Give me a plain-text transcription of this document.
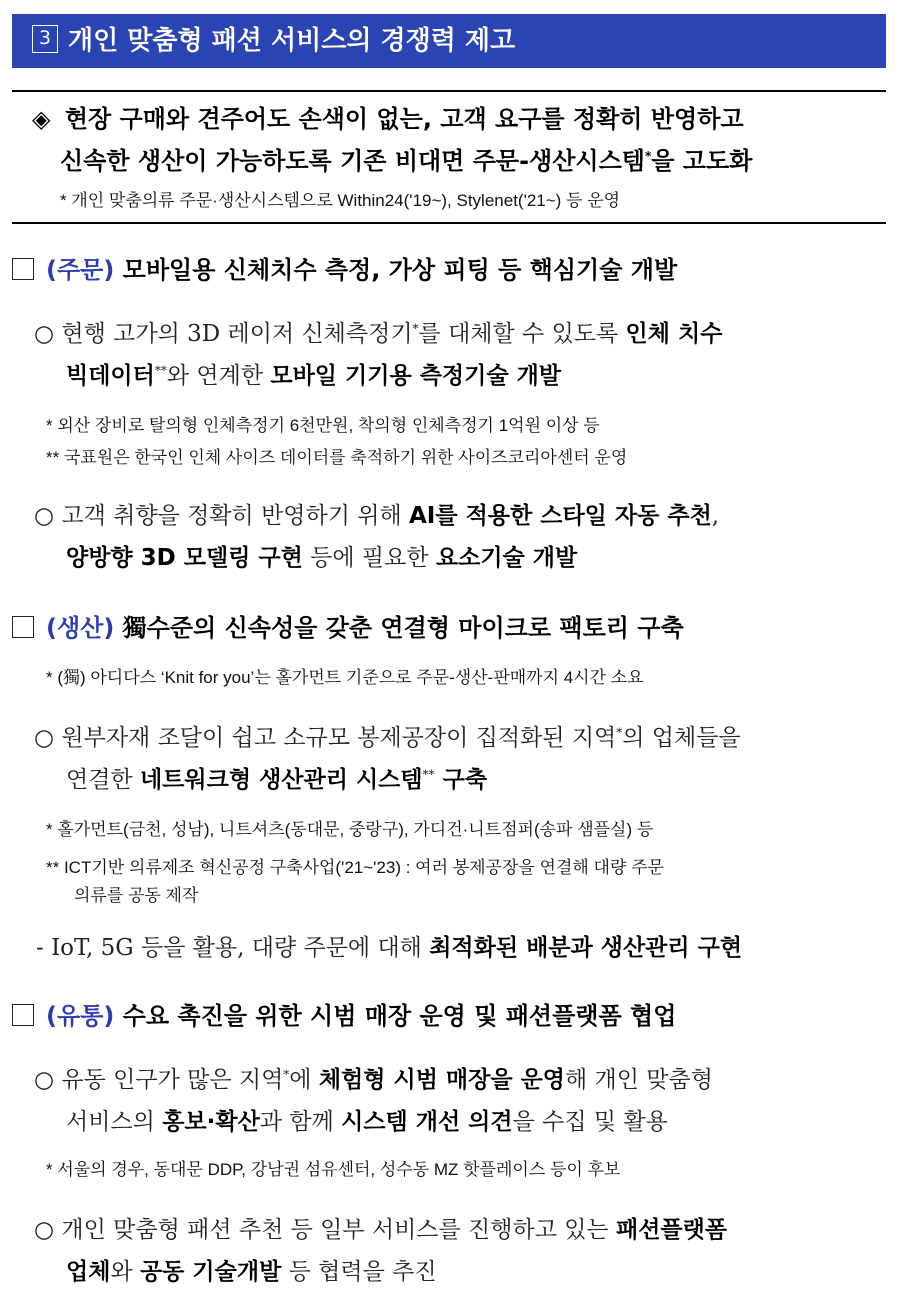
3 개인 맞춤형 패션 서비스의 경쟁력 제고
◈ 현장 구매와 견주어도 손색이 없는, 고객 요구를 정확히 반영하고
신속한 생산이 가능하도록 기존 비대면 주문-생산시스템*을 고도화
* 개인 맞춤의류 주문·생산시스템으로 Within24('19~), Stylenet('21~) 등 운영
(주문) 모바일용 신체치수 측정, 가상 피팅 등 핵심기술 개발
○ 현행 고가의 3D 레이저 신체측정기*를 대체할 수 있도록 인체 치수
빅데이터**와 연계한 모바일 기기용 측정기술 개발
* 외산 장비로 탈의형 인체측정기 6천만원, 착의형 인체측정기 1억원 이상 등
** 국표원은 한국인 인체 사이즈 데이터를 축적하기 위한 사이즈코리아센터 운영
○ 고객 취향을 정확히 반영하기 위해 AI를 적용한 스타일 자동 추천,
양방향 3D 모델링 구현 등에 필요한 요소기술 개발
(생산) 獨수준의 신속성을 갖춘 연결형 마이크로 팩토리 구축
* (獨) 아디다스 ‘Knit for you’는 홀가먼트 기준으로 주문-생산-판매까지 4시간 소요
○ 원부자재 조달이 쉽고 소규모 봉제공장이 집적화된 지역*의 업체들을
연결한 네트워크형 생산관리 시스템** 구축
* 홀가먼트(금천, 성남), 니트셔츠(동대문, 중랑구), 가디건·니트점퍼(송파 샘플실) 등
** ICT기반 의류제조 혁신공정 구축사업('21~'23) : 여러 봉제공장을 연결해 대량 주문
의류를 공동 제작
- IoT, 5G 등을 활용, 대량 주문에 대해 최적화된 배분과 생산관리 구현
(유통) 수요 촉진을 위한 시범 매장 운영 및 패션플랫폼 협업
○ 유동 인구가 많은 지역*에 체험형 시범 매장을 운영해 개인 맞춤형
서비스의 홍보·확산과 함께 시스템 개선 의견을 수집 및 활용
* 서울의 경우, 동대문 DDP, 강남권 섬유센터, 성수동 MZ 핫플레이스 등이 후보
○ 개인 맞춤형 패션 추천 등 일부 서비스를 진행하고 있는 패션플랫폼
업체와 공동 기술개발 등 협력을 추진
